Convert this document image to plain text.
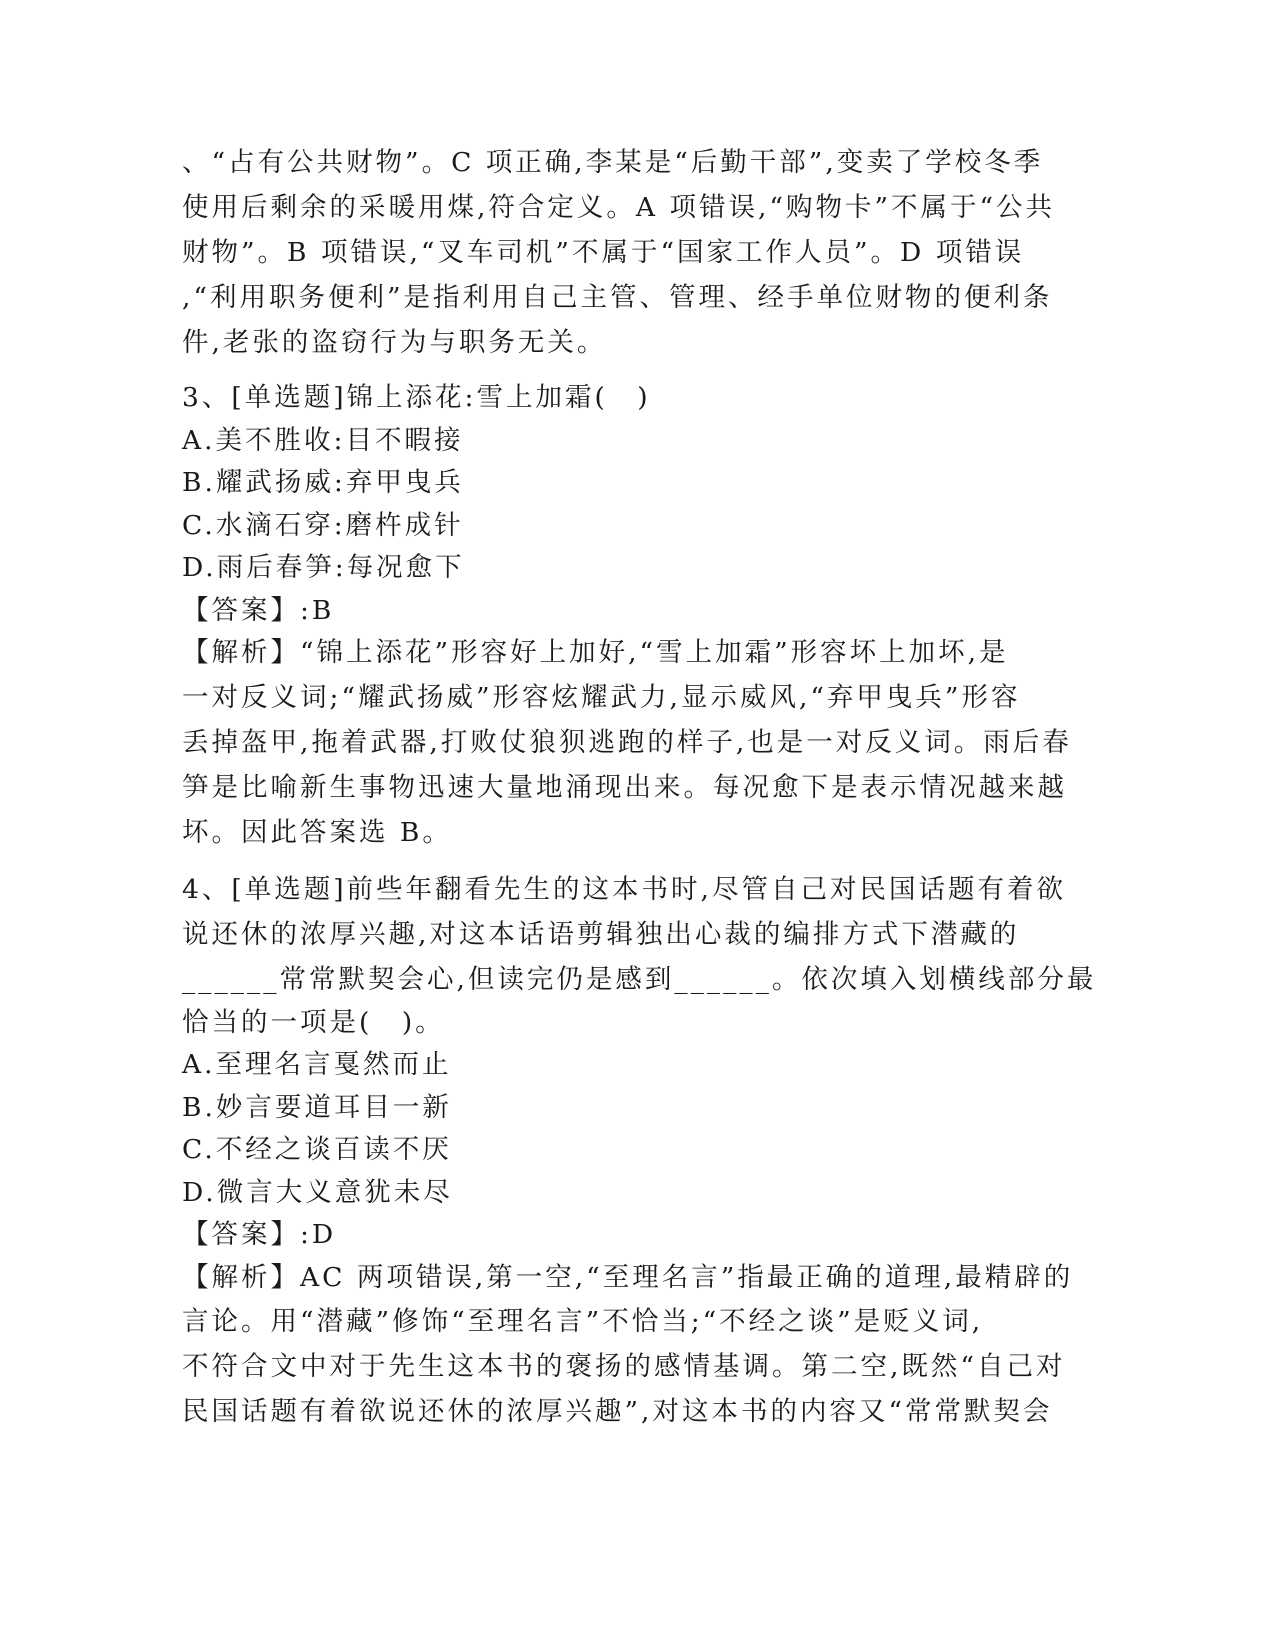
、“占有公共财物”。C 项正确,李某是“后勤干部”,变卖了学校冬季
使用后剩余的采暖用煤,符合定义。A 项错误,“购物卡”不属于“公共
财物”。B 项错误,“叉车司机”不属于“国家工作人员”。D 项错误
,“利用职务便利”是指利用自己主管、管理、经手单位财物的便利条
件,老张的盗窃行为与职务无关。
3、[单选题]锦上添花:雪上加霜(　)
A.美不胜收:目不暇接
B.耀武扬威:弃甲曳兵
C.水滴石穿:磨杵成针
D.雨后春笋:每况愈下
【答案】:B
【解析】“锦上添花”形容好上加好,“雪上加霜”形容坏上加坏,是
一对反义词;“耀武扬威”形容炫耀武力,显示威风,“弃甲曳兵”形容
丢掉盔甲,拖着武器,打败仗狼狈逃跑的样子,也是一对反义词。雨后春
笋是比喻新生事物迅速大量地涌现出来。每况愈下是表示情况越来越
坏。因此答案选 B。
4、[单选题]前些年翻看先生的这本书时,尽管自己对民国话题有着欲
说还休的浓厚兴趣,对这本话语剪辑独出心裁的编排方式下潜藏的
______常常默契会心,但读完仍是感到______。依次填入划横线部分最
恰当的一项是(　)。
A.至理名言戛然而止
B.妙言要道耳目一新
C.不经之谈百读不厌
D.微言大义意犹未尽
【答案】:D
【解析】AC 两项错误,第一空,“至理名言”指最正确的道理,最精辟的
言论。用“潜藏”修饰“至理名言”不恰当;“不经之谈”是贬义词,
不符合文中对于先生这本书的褒扬的感情基调。第二空,既然“自己对
民国话题有着欲说还休的浓厚兴趣”,对这本书的内容又“常常默契会
